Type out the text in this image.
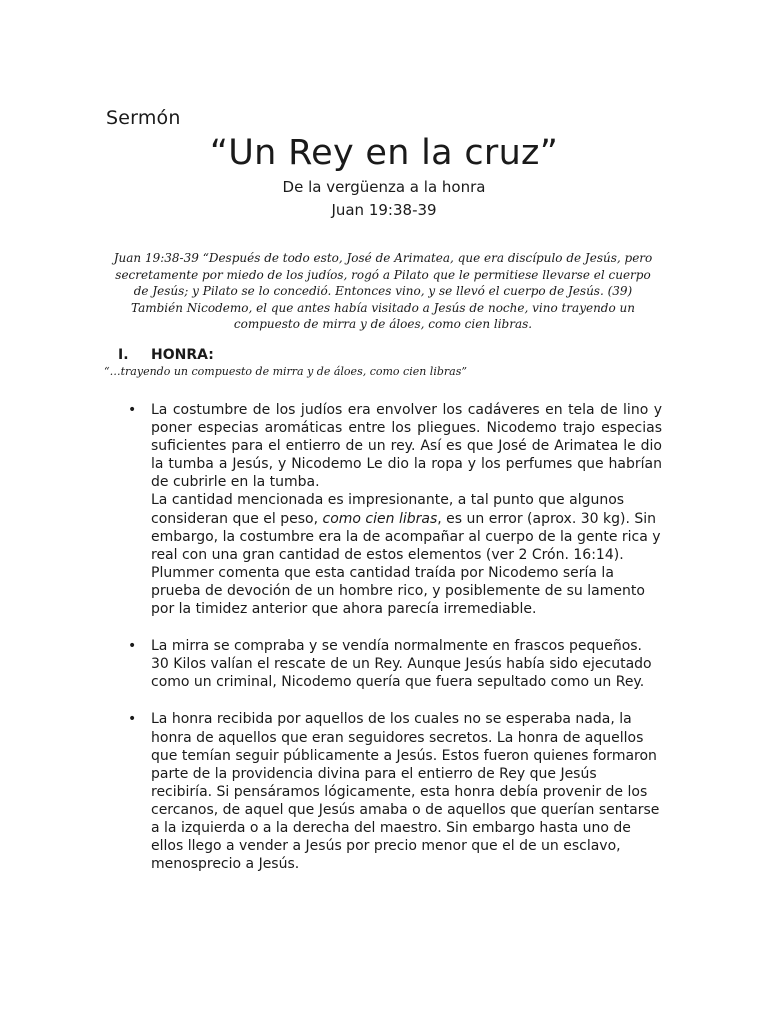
Sermón
“Un Rey en la cruz”
De la vergüenza a la honra
Juan 19:38-39
Juan 19:38-39 “Después de todo esto, José de Arimatea, que era discípulo de Jesús, pero
secretamente por miedo de los judíos, rogó a Pilato que le permitiese llevarse el cuerpo
de Jesús; y Pilato se lo concedió. Entonces vino, y se llevó el cuerpo de Jesús. (39)
También Nicodemo, el que antes había visitado a Jesús de noche, vino trayendo un
compuesto de mirra y de áloes, como cien libras.
I. HONRA:
“…trayendo un compuesto de mirra y de áloes, como cien libras”
• La costumbre de los judíos era envolver los cadáveres en tela de lino y poner especias aromáticas entre los pliegues. Nicodemo trajo especias suficientes para el entierro de un rey. Así es que José de Arimatea le dio la tumba a Jesús, y Nicodemo Le dio la ropa y los perfumes que habrían de cubrirle en la tumba.

La cantidad mencionada es impresionante, a tal punto que algunos consideran que el peso, como cien libras, es un error (aprox. 30 kg). Sin embargo, la costumbre era la de acompañar al cuerpo de la gente rica y real con una gran cantidad de estos elementos (ver 2 Crón. 16:14). Plummer comenta que esta cantidad traída por Nicodemo sería la prueba de devoción de un hombre rico, y posiblemente de su lamento por la timidez anterior que ahora parecía irremediable.

• La mirra se compraba y se vendía normalmente en frascos pequeños. 30 Kilos valían el rescate de un Rey. Aunque Jesús había sido ejecutado como un criminal, Nicodemo quería que fuera sepultado como un Rey.

• La honra recibida por aquellos de los cuales no se esperaba nada, la honra de aquellos que eran seguidores secretos. La honra de aquellos que temían seguir públicamente a Jesús. Estos fueron quienes formaron parte de la providencia divina para el entierro de Rey que Jesús recibiría. Si pensáramos lógicamente, esta honra debía provenir de los cercanos, de aquel que Jesús amaba o de aquellos que querían sentarse a la izquierda o a la derecha del maestro. Sin embargo hasta uno de ellos llego a vender a Jesús por precio menor que el de un esclavo, menosprecio a Jesús.
